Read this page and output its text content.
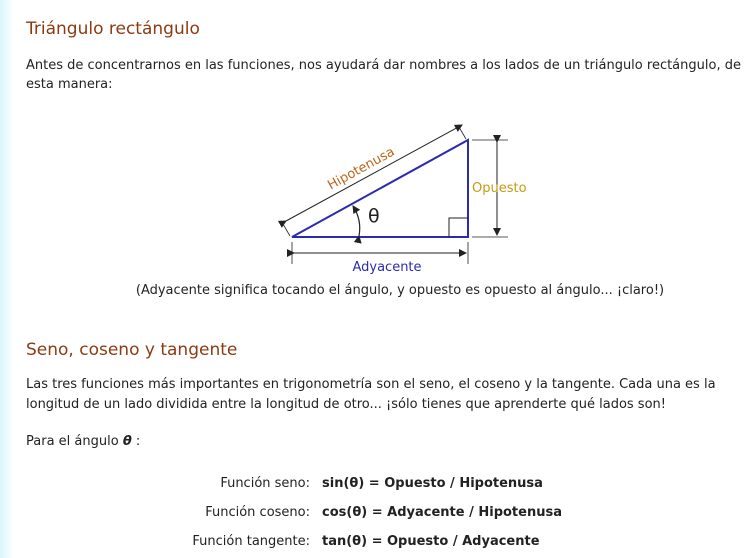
Triángulo rectángulo

Antes de concentrarnos en las funciones, nos ayudará dar nombres a los lados de un triángulo rectángulo, de

esta manera:

Hipotenusa	Opuesto
Adyacente
θ
(Adyacente significa tocando el ángulo, y opuesto es opuesto al ángulo... ¡claro!)
Seno, coseno y tangente

Las tres funciones más importantes en trigonometría son el seno, el coseno y la tangente. Cada una es la

longitud de un lado dividida entre la longitud de otro... ¡sólo tienes que aprenderte qué lados son!

Para el ángulo θ :

Función seno: sin(θ) = Opuesto / Hipotenusa
Función coseno: cos(θ) = Adyacente / Hipotenusa
Función tangente: tan(θ) = Opuesto / Adyacente
